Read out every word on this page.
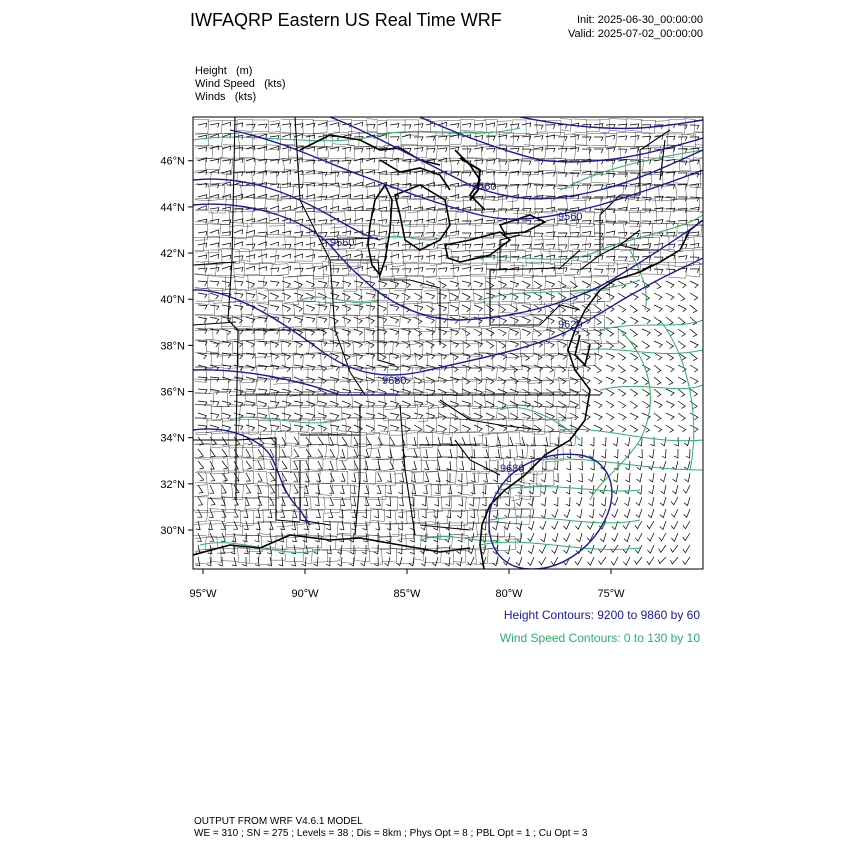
IWFAQRP Eastern US Real Time WRF	Init: 2025-06-30_00:00:00
Valid: 2025-07-02_00:00:00
Height   (m)
Wind Speed   (kts)
Winds   (kts)
9560
9560
9560
9620
9680
9680
46°N
44°N
42°N
40°N
38°N
36°N
34°N
32°N
30°N
95°W	90°W	85°W	80°W	75°W
Height Contours: 9200 to 9860 by 60
Wind Speed Contours: 0 to 130 by 10
OUTPUT FROM WRF V4.6.1 MODEL
WE = 310 ; SN = 275 ; Levels = 38 ; Dis = 8km ; Phys Opt = 8 ; PBL Opt = 1 ; Cu Opt = 3
